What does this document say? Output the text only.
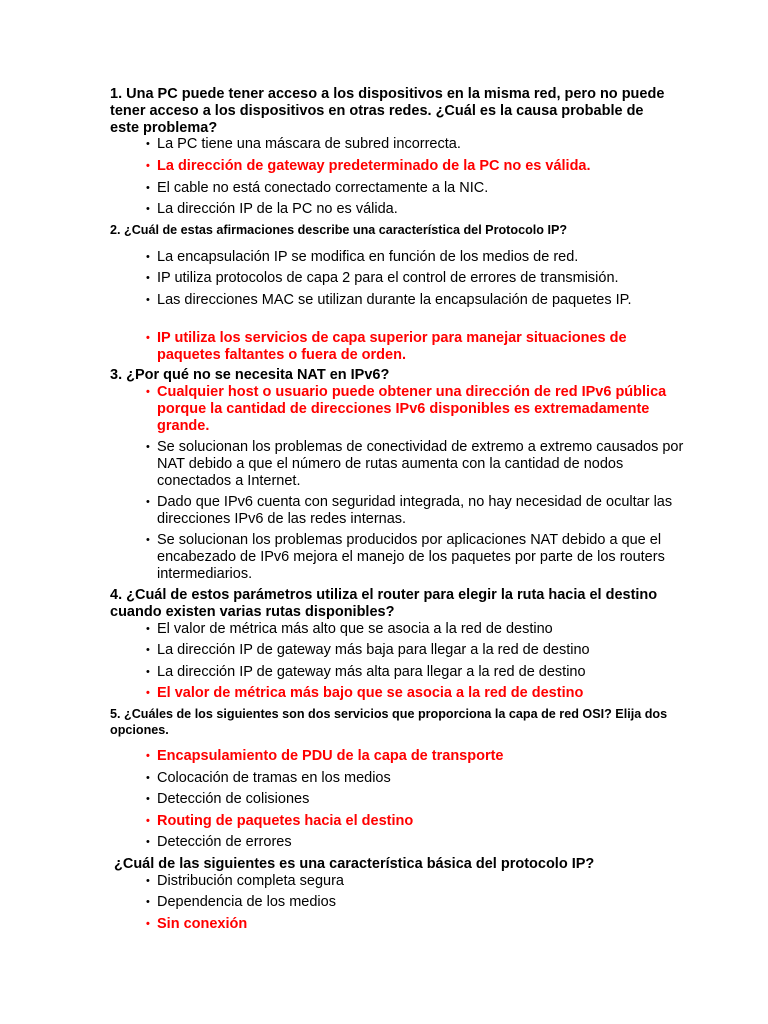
1. Una PC puede tener acceso a los dispositivos en la misma red, pero no puede tener acceso a los dispositivos en otras redes. ¿Cuál es la causa probable de este problema?

• La PC tiene una máscara de subred incorrecta.

• La dirección de gateway predeterminado de la PC no es válida.

• El cable no está conectado correctamente a la NIC.

• La dirección IP de la PC no es válida.

2. ¿Cuál de estas afirmaciones describe una característica del Protocolo IP?

• La encapsulación IP se modifica en función de los medios de red.

• IP utiliza protocolos de capa 2 para el control de errores de transmisión.

• Las direcciones MAC se utilizan durante la encapsulación de paquetes IP.

• IP utiliza los servicios de capa superior para manejar situaciones de paquetes faltantes o fuera de orden.

3. ¿Por qué no se necesita NAT en IPv6?

• Cualquier host o usuario puede obtener una dirección de red IPv6 pública porque la cantidad de direcciones IPv6 disponibles es extremadamente grande.

• Se solucionan los problemas de conectividad de extremo a extremo causados por NAT debido a que el número de rutas aumenta con la cantidad de nodos conectados a Internet.

• Dado que IPv6 cuenta con seguridad integrada, no hay necesidad de ocultar las direcciones IPv6 de las redes internas.

• Se solucionan los problemas producidos por aplicaciones NAT debido a que el encabezado de IPv6 mejora el manejo de los paquetes por parte de los routers intermediarios.

4. ¿Cuál de estos parámetros utiliza el router para elegir la ruta hacia el destino cuando existen varias rutas disponibles?

• El valor de métrica más alto que se asocia a la red de destino

• La dirección IP de gateway más baja para llegar a la red de destino

• La dirección IP de gateway más alta para llegar a la red de destino

• El valor de métrica más bajo que se asocia a la red de destino

5. ¿Cuáles de los siguientes son dos servicios que proporciona la capa de red OSI? Elija dos opciones.

• Encapsulamiento de PDU de la capa de transporte

• Colocación de tramas en los medios

• Detección de colisiones

• Routing de paquetes hacia el destino

• Detección de errores

¿Cuál de las siguientes es una característica básica del protocolo IP?

• Distribución completa segura

• Dependencia de los medios

• Sin conexión
